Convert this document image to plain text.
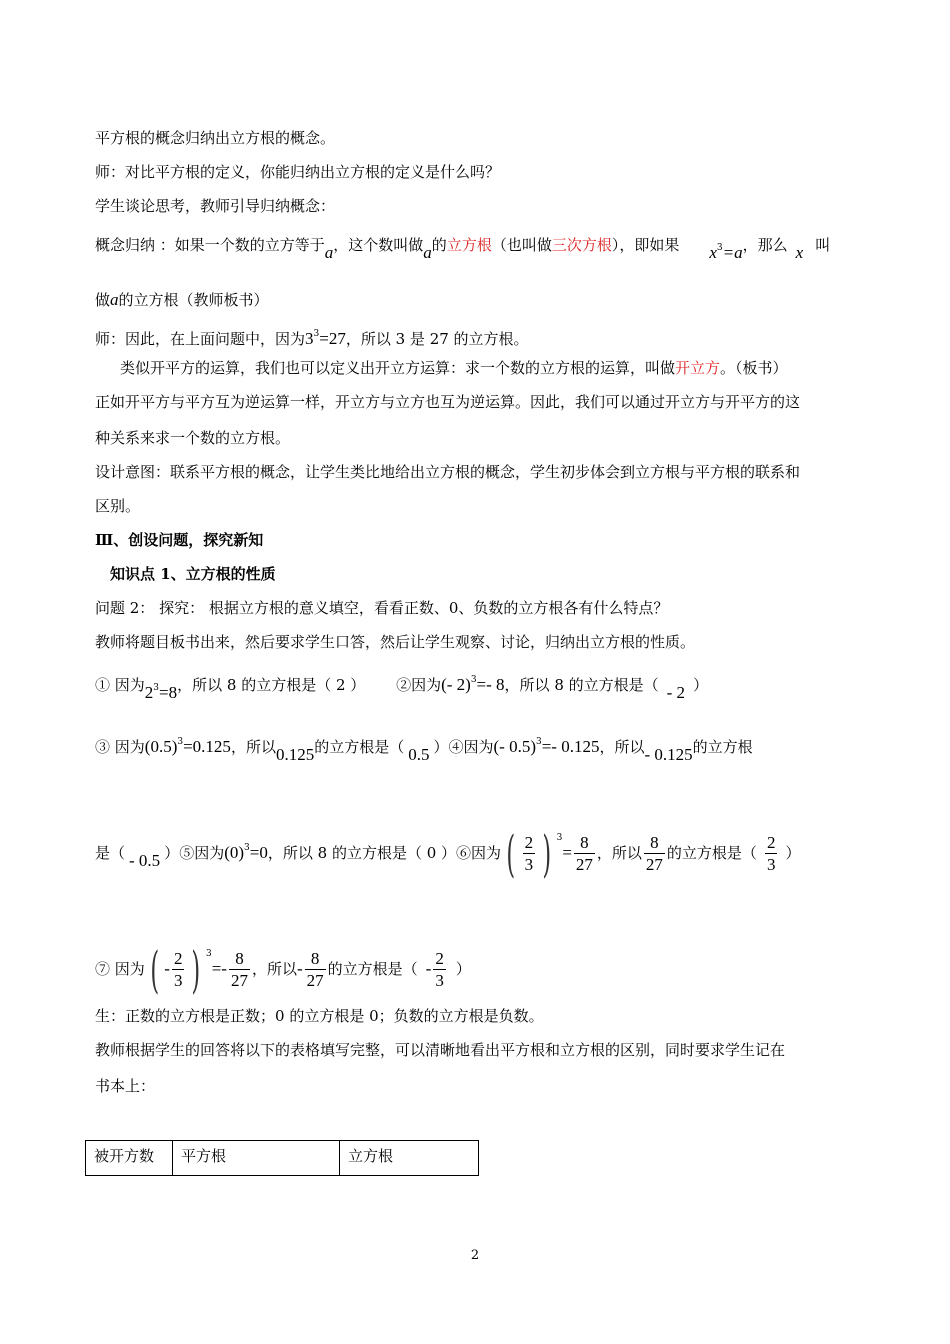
平方根的概念归纳出立方根的概念。
师：对比平方根的定义，你能归纳出立方根的定义是什么吗？
学生谈论思考，教师引导归纳概念：
概念归纳 ：如果一个数的立方等于a，这个数叫做a的立方根（也叫做三次方根），即如果 $x^3=a$，那么 x 叫
做a的立方根（教师板书）
师：因此，在上面问题中，因为$3^3=27$，所以 3 是 27 的立方根。
类似开平方的运算，我们也可以定义出开立方运算：求一个数的立方根的运算，叫做开立方。（板书）
正如开平方与平方互为逆运算一样，开立方与立方也互为逆运算。因此，我们可以通过开立方与开平方的这
种关系来求一个数的立方根。
设计意图：联系平方根的概念，让学生类比地给出立方根的概念，学生初步体会到立方根与平方根的联系和
区别。
Ⅲ、创设问题，探究新知
知识点 1、立方根的性质
问题 2： 探究： 根据立方根的意义填空，看看正数、0、负数的立方根各有什么特点？
教师将题目板书出来，然后要求学生口答，然后让学生观察、讨论，归纳出立方根的性质。
① 因为$2^3=8$，所以 8 的立方根是（ 2 ） ②因为(- 2)$^3$=- 8，所以 8 的立方根是（ - 2 ）
③ 因为$(0.5)^3=0.125$，所以0.125的立方根是（ 0.5 ）④因为(- 0.5)$^3$=- 0.125，所以- 0.125的立方根
是（ - 0.5 ）⑤因为$(0)^3=0$，所以 8 的立方根是（ 0 ）⑥因为 ( $\frac{2}{3}$ ) $^3= \frac{8}{27}$ ，所以 $\frac{8}{27}$ 的立方根是（ $\frac{2}{3}$ ）
⑦ 因为 ( - $\frac{2}{3}$ ) $^3=- \frac{8}{27}$ ，所以- $\frac{8}{27}$ 的立方根是（ - $\frac{2}{3}$ ）
生：正数的立方根是正数；0 的立方根是 0；负数的立方根是负数。
教师根据学生的回答将以下的表格填写完整，可以清晰地看出平方根和立方根的区别，同时要求学生记在
书本上：
被开方数	平方根	立方根
2
